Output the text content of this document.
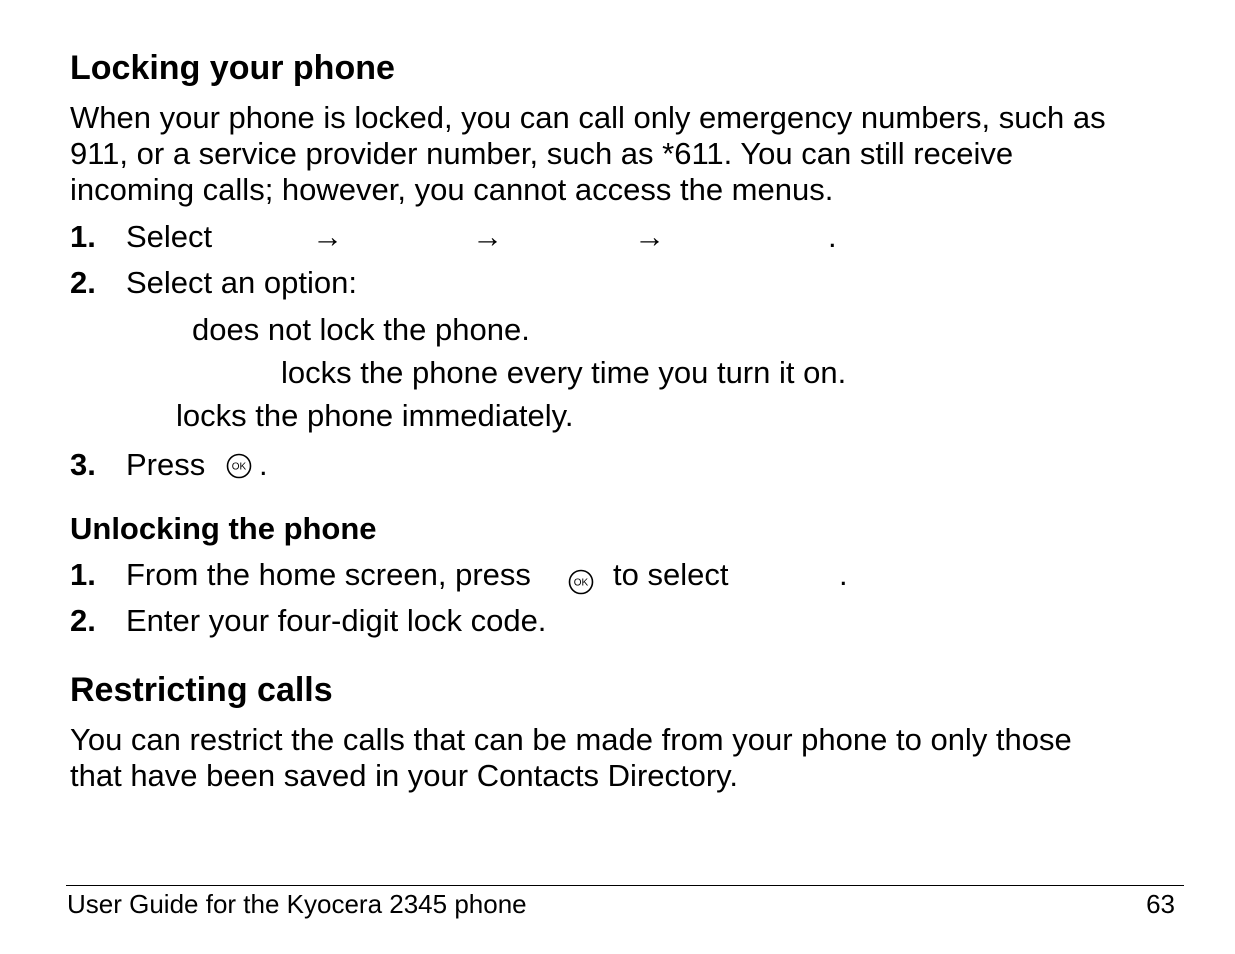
Locking your phone
When your phone is locked, you can call only emergency numbers, such as
911, or a service provider number, such as *611. You can still receive
incoming calls; however, you cannot access the menus.
1. Select	→	→	→	.
2. Select an option:
does not lock the phone.
locks the phone every time you turn it on.
locks the phone immediately.
3. Press	OK .
Unlocking the phone
1. From the home screen, press	OK to select	.
2. Enter your four-digit lock code.
Restricting calls
You can restrict the calls that can be made from your phone to only those
that have been saved in your Contacts Directory.
User Guide for the Kyocera 2345 phone	63
